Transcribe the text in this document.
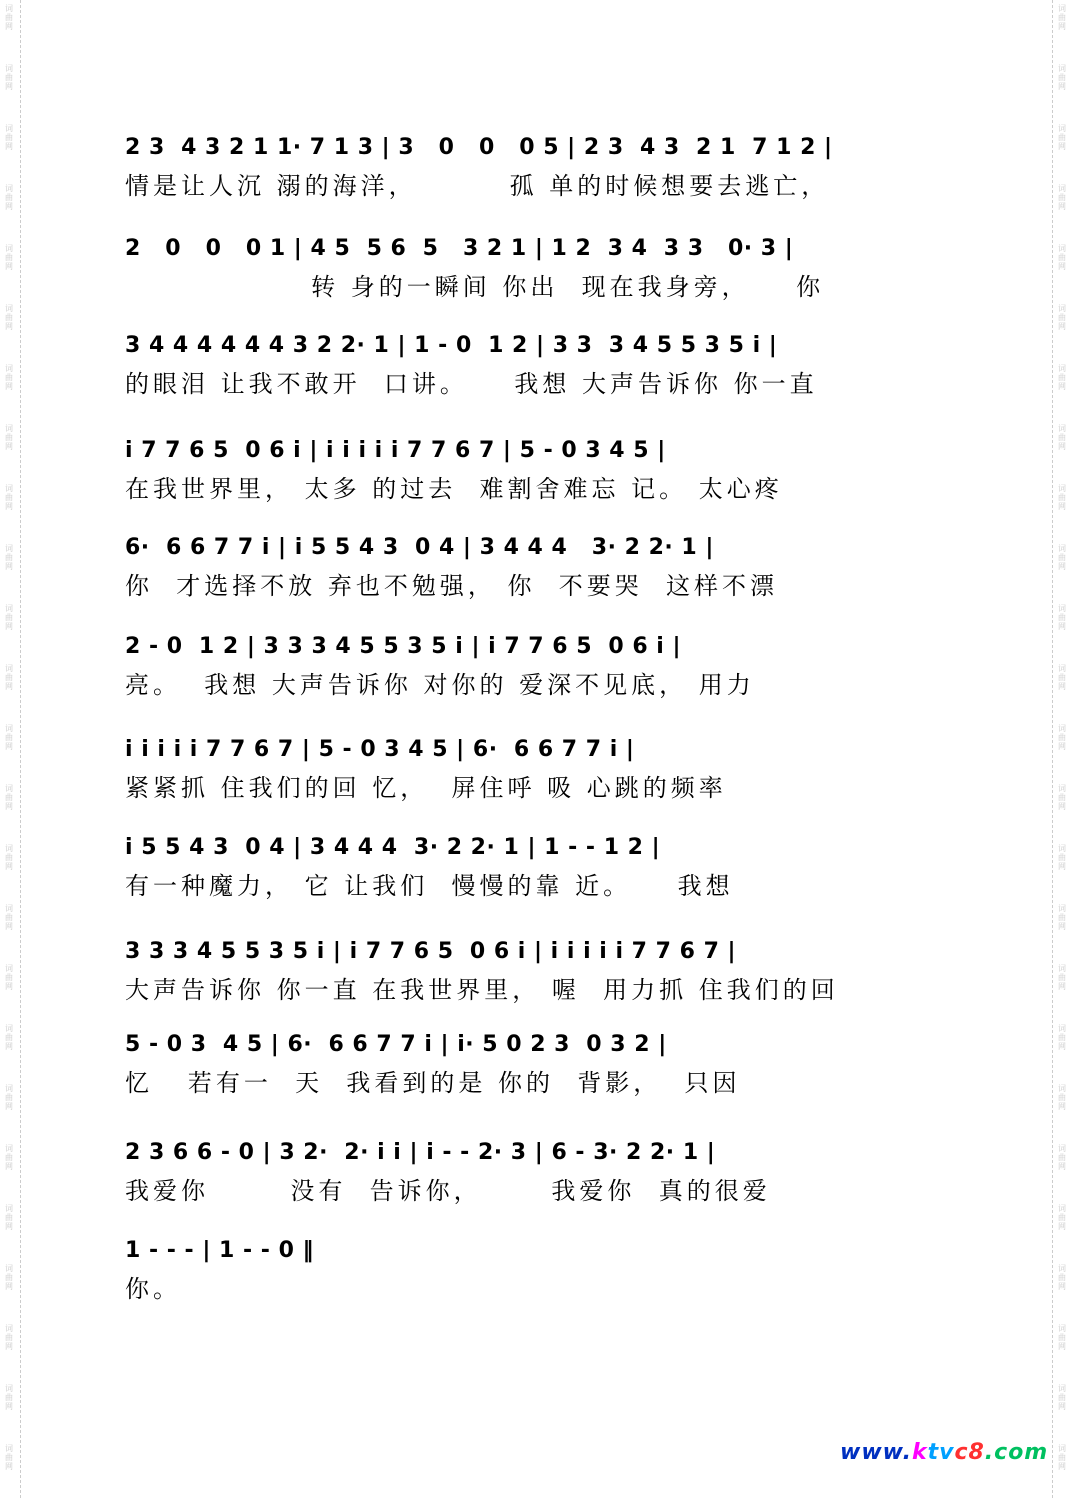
词
曲
网
词
曲
网
词
曲
网
词
曲
网
词
曲
网
词
曲
网
词
曲
网
词
曲
网
词
曲
网
词
曲
网
词
曲
网
词
曲
网
词
曲
网
词
曲
网
词
曲
网
词
曲
网
词
曲
网
词
曲
网
词
曲
网
词
曲
网
词
曲
网
词
曲
网
词
曲
网
词
曲
网
词
曲
网
词
曲
网
词
曲
网
词
曲
网
词
曲
网
词
曲
网
词
曲
网
词
曲
网
词
曲
网
词
曲
网
词
曲
网
词
曲
网
词
曲
网
词
曲
网
词
曲
网
词
曲
网
词
曲
网
词
曲
网
词
曲
网
词
曲
网
词
曲
网
词
曲
网
词
曲
网
词
曲
网
词
曲
网
词
曲
网
2 3  4 3 2 1 1· 7 1 3 | 3   0   0   0 5 | 2 3  4 3  2 1  7 1 2 |
情是让人沉 溺的海洋，        孤 单的时候想要去逃亡，
2   0   0   0 1 | 4 5  5 6  5   3 2 1 | 1 2  3 4  3 3   0· 3 |
转 身的一瞬间 你出  现在我身旁，    你
3 4 4 4 4 4 4 3 2 2· 1 | 1 - 0  1 2 | 3 3  3 4 5 5 3 5 i |
的眼泪 让我不敢开  口讲。    我想 大声告诉你 你一直
i 7 7 6 5  0 6 i | i i i i i 7 7 6 7 | 5 - 0 3 4 5 |
在我世界里， 太多 的过去  难割舍难忘 记。 太心疼
6·  6 6 7 7 i | i 5 5 4 3  0 4 | 3 4 4 4   3· 2 2· 1 |
你  才选择不放 弃也不勉强， 你  不要哭  这样不漂
2 - 0  1 2 | 3 3 3 4 5 5 3 5 i | i 7 7 6 5  0 6 i |
亮。  我想 大声告诉你 对你的 爱深不见底， 用力
i i i i i 7 7 6 7 | 5 - 0 3 4 5 | 6·  6 6 7 7 i |
紧紧抓 住我们的回 忆，  屏住呼 吸 心跳的频率
i 5 5 4 3  0 4 | 3 4 4 4  3· 2 2· 1 | 1 - - 1 2 |
有一种魔力， 它 让我们  慢慢的靠 近。    我想
3 3 3 4 5 5 3 5 i | i 7 7 6 5  0 6 i | i i i i i 7 7 6 7 |
大声告诉你 你一直 在我世界里， 喔  用力抓 住我们的回
5 - 0 3  4 5 | 6·  6 6 7 7 i | i· 5 0 2 3  0 3 2 |
忆   若有一  天  我看到的是 你的  背影，  只因
2 3 6 6 - 0 | 3 2·  2· i i | i - - 2· 3 | 6 - 3· 2 2· 1 |
我爱你       没有  告诉你，      我爱你  真的很爱
1 - - - | 1 - - 0 ‖
你。
www.ktvc8.com
